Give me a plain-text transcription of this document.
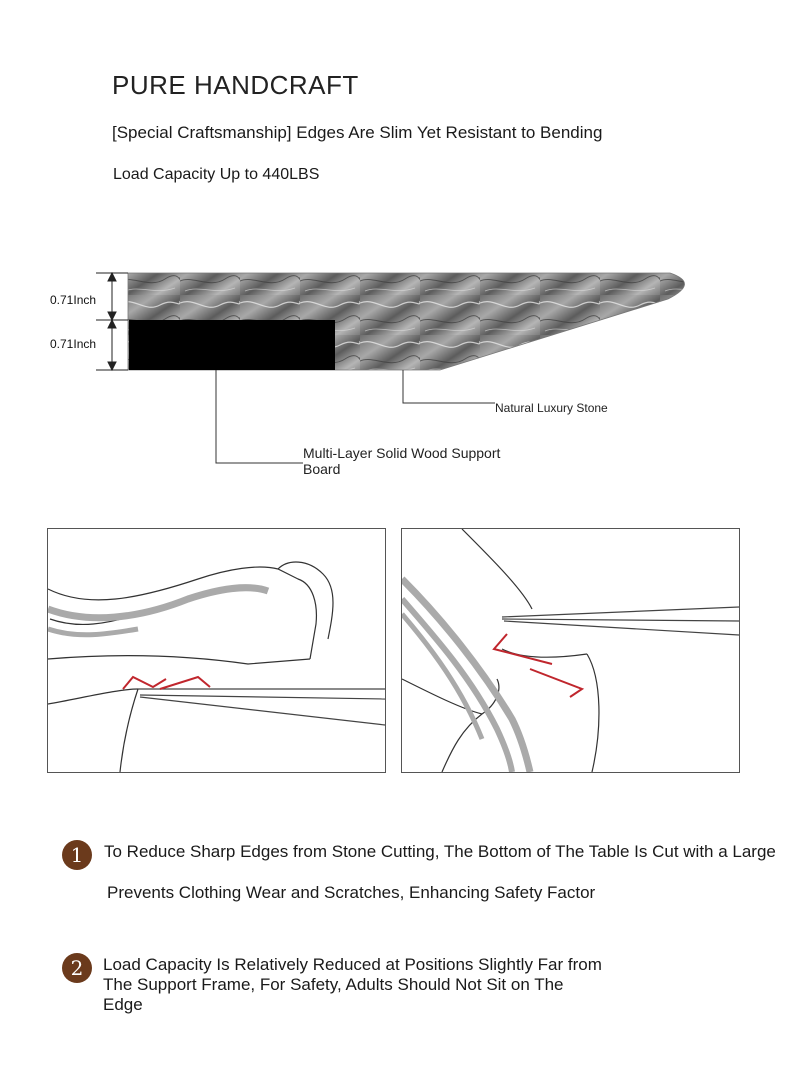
PURE HANDCRAFT
[Special Craftsmanship] Edges Are Slim Yet Resistant to Bending
Load Capacity Up to 440LBS
0.71Inch
0.71Inch
Natural Luxury Stone
Multi-Layer Solid Wood Support Board
1	To Reduce Sharp Edges from Stone Cutting, The Bottom of The Table Is Cut with a Large
Prevents Clothing Wear and Scratches, Enhancing Safety Factor
2	Load Capacity Is Relatively Reduced at Positions Slightly Far from The Support Frame, For Safety, Adults Should Not Sit on The Edge
